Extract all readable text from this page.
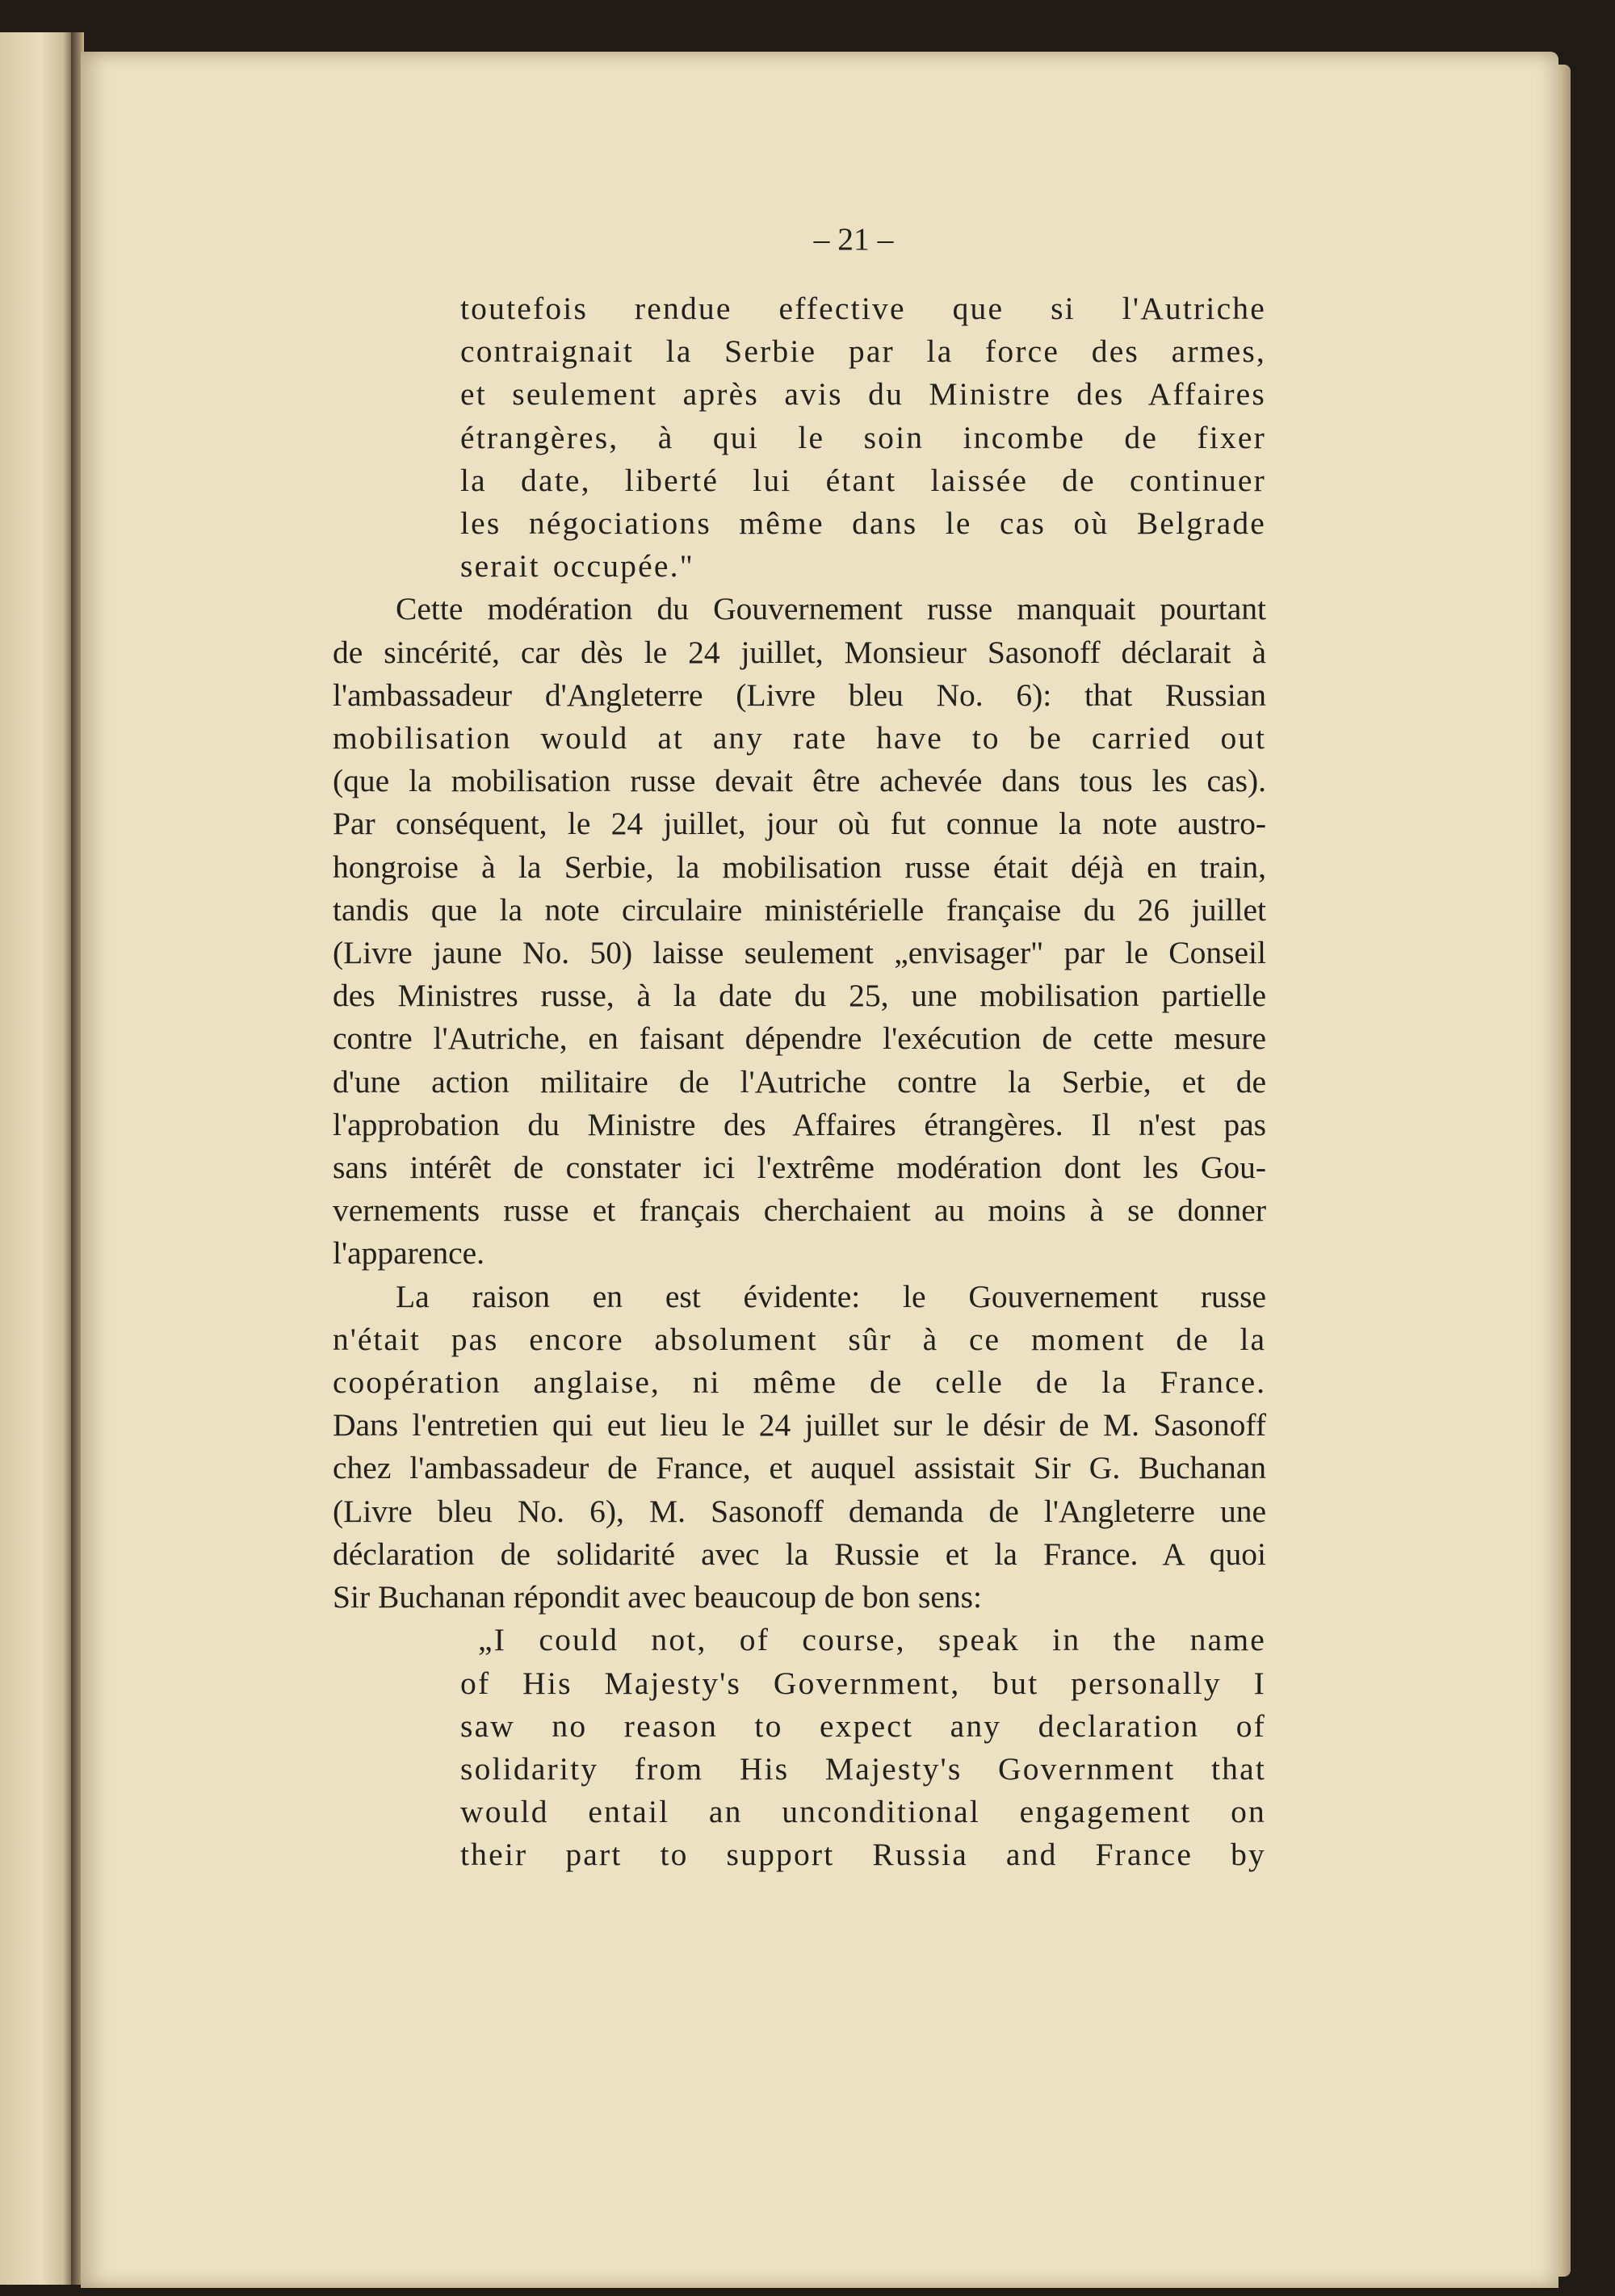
– 21 –

toutefois rendue effective que si l'Autriche

contraignait la Serbie par la force des armes,

et seulement après avis du Ministre des Affaires

étrangères, à qui le soin incombe de fixer

la date, liberté lui étant laissée de continuer

les négociations même dans le cas où Belgrade

serait occupée."

Cette modération du Gouvernement russe manquait pourtant

de sincérité, car dès le 24 juillet, Monsieur Sasonoff déclarait à

l'ambassadeur d'Angleterre (Livre bleu No. 6): that Russian

mobilisation would at any rate have to be carried out

(que la mobilisation russe devait être achevée dans tous les cas).

Par conséquent, le 24 juillet, jour où fut connue la note austro-

hongroise à la Serbie, la mobilisation russe était déjà en train,

tandis que la note circulaire ministérielle française du 26 juillet

(Livre jaune No. 50) laisse seulement „envisager" par le Conseil

des Ministres russe, à la date du 25, une mobilisation partielle

contre l'Autriche, en faisant dépendre l'exécution de cette mesure

d'une action militaire de l'Autriche contre la Serbie, et de

l'approbation du Ministre des Affaires étrangères. Il n'est pas

sans intérêt de constater ici l'extrême modération dont les Gou-

vernements russe et français cherchaient au moins à se donner

l'apparence.

La raison en est évidente: le Gouvernement russe

n'était pas encore absolument sûr à ce moment de la

coopération anglaise, ni même de celle de la France.

Dans l'entretien qui eut lieu le 24 juillet sur le désir de M. Sasonoff

chez l'ambassadeur de France, et auquel assistait Sir G. Buchanan

(Livre bleu No. 6), M. Sasonoff demanda de l'Angleterre une

déclaration de solidarité avec la Russie et la France. A quoi

Sir Buchanan répondit avec beaucoup de bon sens:

„I could not, of course, speak in the name

of His Majesty's Government, but personally I

saw no reason to expect any declaration of

solidarity from His Majesty's Government that

would entail an unconditional engagement on

their part to support Russia and France by
